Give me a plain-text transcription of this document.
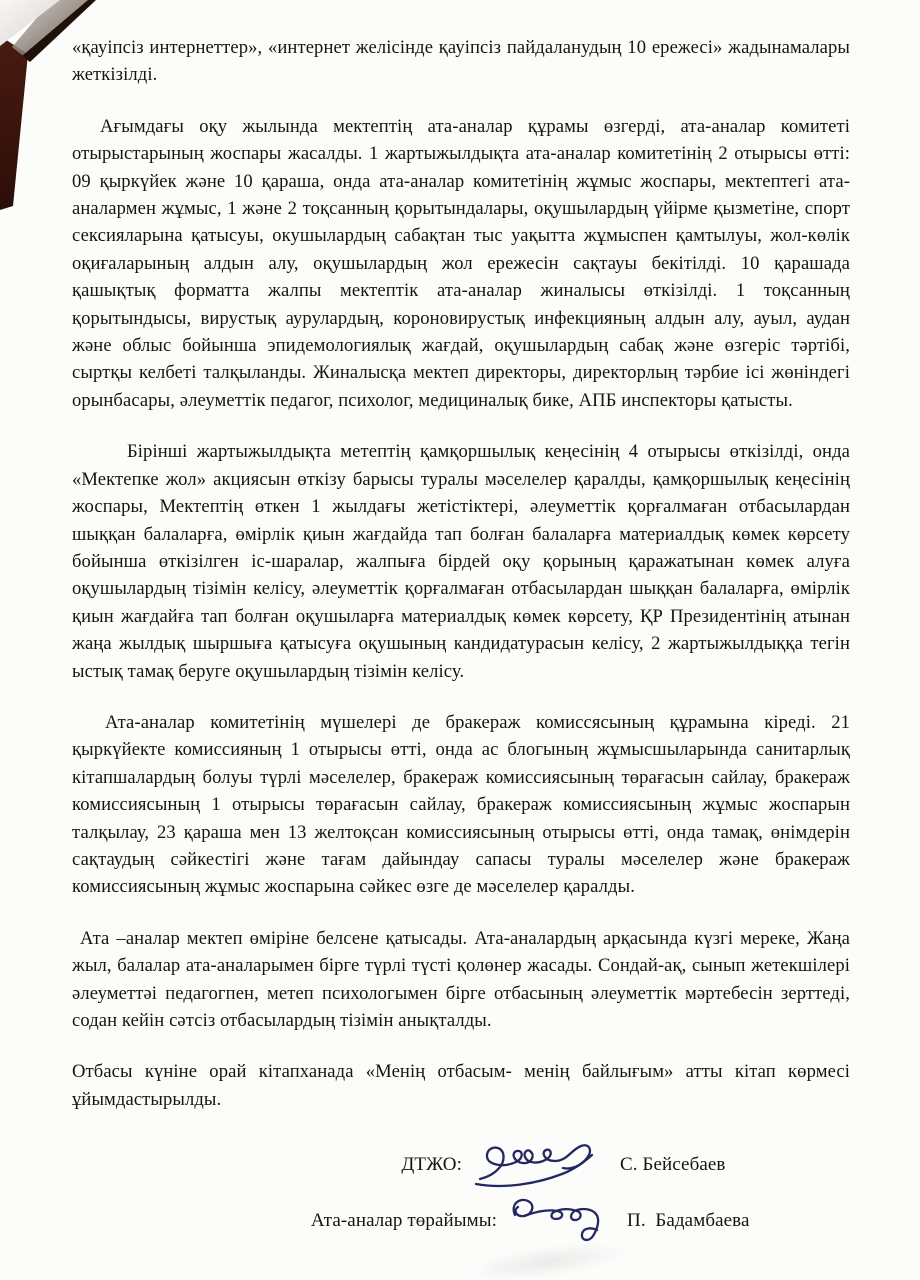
«қауіпсіз интернеттер», «интернет желісінде қауіпсіз пайдаланудың 10 ережесі» жадынамалары жеткізілді.

Ағымдағы оқу жылында мектептің ата-аналар құрамы өзгерді, ата-аналар комитеті отырыстарының жоспары жасалды. 1 жартыжылдықта ата-аналар комитетінің 2 отырысы өтті: 09 қыркүйек және 10 қараша, онда ата-аналар комитетінің жұмыс жоспары, мектептегі ата-аналармен жұмыс, 1 және 2 тоқсанның қорытындалары, оқушылардың үйірме қызметіне, спорт сексияларына қатысуы, окушылардың сабақтан тыс уақытта жұмыспен қамтылуы, жол-көлік оқиғаларының алдын алу, оқушылардың жол ережесін сақтауы бекітілді. 10 қарашада қашықтық форматта жалпы мектептік ата-аналар жиналысы өткізілді. 1 тоқсанның қорытындысы, вирустық аурулардың, короновирустық инфекцияның алдын алу, ауыл, аудан және облыс бойынша эпидемологиялық жағдай, оқушылардың сабақ және өзгеріс тәртібі, сыртқы келбеті талқыланды. Жиналысқа мектеп директоры, директорлың тәрбие ісі жөніндегі орынбасары, әлеуметтік педагог, психолог, медициналық бике, АПБ инспекторы қатысты.

Бірінші жартыжылдықта метептің қамқоршылық кеңесінің 4 отырысы өткізілді, онда «Мектепке жол» акциясын өткізу барысы туралы мәселелер қаралды, қамқоршылық кеңесінің жоспары, Мектептің өткен 1 жылдағы жетістіктері, әлеуметтік қорғалмаған отбасылардан шыққан балаларға, өмірлік қиын жағдайда тап болған балаларға материалдық көмек көрсету бойынша өткізілген іс-шаралар, жалпыға бірдей оқу қорының қаражатынан көмек алуға оқушылардың тізімін келісу, әлеуметтік қорғалмаған отбасылардан шыққан балаларға, өмірлік қиын жағдайға тап болған оқушыларға материалдық көмек көрсету, ҚР Президентінің атынан жаңа жылдық шыршыға қатысуға оқушының кандидатурасын келісу, 2 жартыжылдыққа тегін ыстық тамақ беруге оқушылардың тізімін келісу.

Ата-аналар комитетінің мүшелері де бракераж комиссясының құрамына кіреді. 21 қыркүйекте комиссияның 1 отырысы өтті, онда ас блогының жұмысшыларында санитарлық кітапшалардың болуы түрлі мәселелер, бракераж комиссиясының төрағасын сайлау, бракераж комиссиясының 1 отырысы төрағасын сайлау, бракераж комиссиясының жұмыс жоспарын талқылау, 23 қараша мен 13 желтоқсан комиссиясының отырысы өтті, онда тамақ, өнімдерін сақтаудың сәйкестігі және тағам дайындау сапасы туралы мәселелер және бракераж комиссиясының жұмыс жоспарына сәйкес өзге де мәселелер қаралды.

Ата –аналар мектеп өміріне белсене қатысады. Ата-аналардың арқасында күзгі мереке, Жаңа жыл, балалар ата-аналарымен бірге түрлі түсті қолөнер жасады. Сондай-ақ, сынып жетекшілері әлеуметтәі педагогпен, метеп психологымен бірге отбасының әлеуметтік мәртебесін зерттеді, содан кейін сәтсіз отбасылардың тізімін анықталды.

Отбасы күніне орай кітапханада «Менің отбасым- менің байлығым» атты кітап көрмесі ұйымдастырылды.

ДТЖО:	С. Бейсебаев
Ата-аналар төрайымы:	П.  Бадамбаева
